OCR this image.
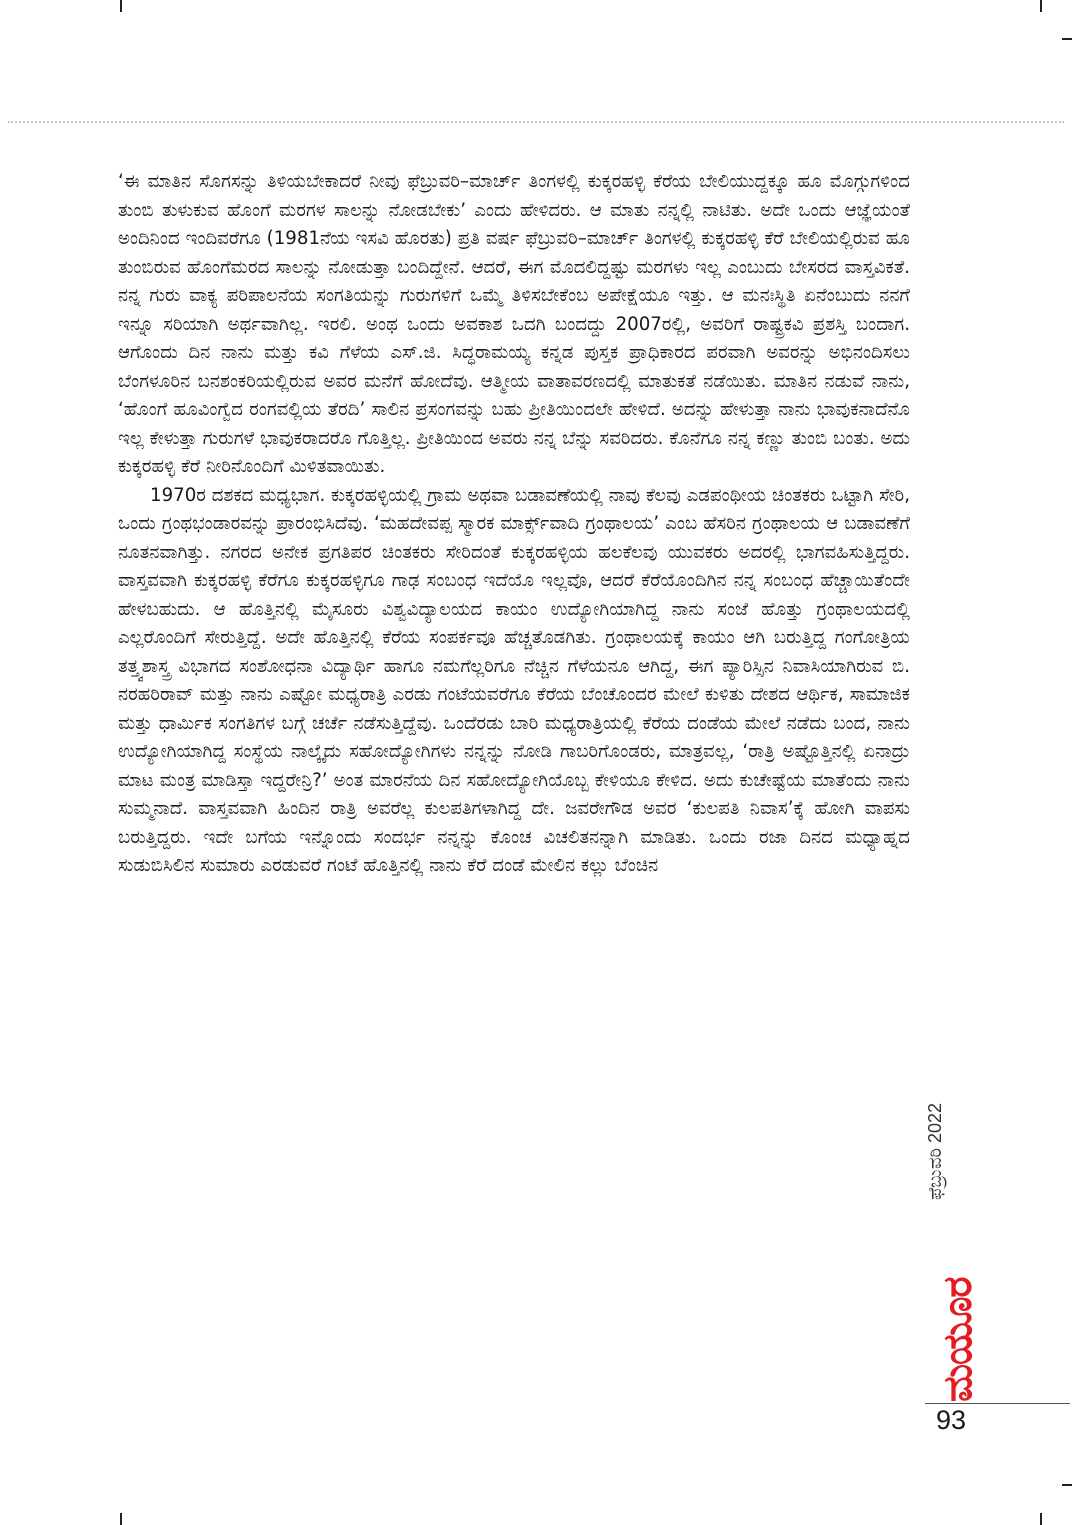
‘ಈ ಮಾತಿನ ಸೊಗಸನ್ನು ತಿಳಿಯಬೇಕಾದರೆ ನೀವು ಫೆಬ್ರುವರಿ–ಮಾರ್ಚ್ ತಿಂಗಳಲ್ಲಿ ಕುಕ್ಕರಹಳ್ಳಿ ಕೆರೆಯ ಬೇಲಿಯುದ್ದಕ್ಕೂ ಹೂ ಮೊಗ್ಗುಗಳಿಂದ ತುಂಬಿ ತುಳುಕುವ ಹೊಂಗೆ ಮರಗಳ ಸಾಲನ್ನು ನೋಡಬೇಕು’ ಎಂದು ಹೇಳಿದರು. ಆ ಮಾತು ನನ್ನಲ್ಲಿ ನಾಟಿತು. ಅದೇ ಒಂದು ಆಜ್ಞೆಯಂತೆ ಅಂದಿನಿಂದ ಇಂದಿವರೆಗೂ (1981ನೆಯ ಇಸವಿ ಹೊರತು) ಪ್ರತಿ ವರ್ಷ ಫೆಬ್ರುವರಿ–ಮಾರ್ಚ್ ತಿಂಗಳಲ್ಲಿ ಕುಕ್ಕರಹಳ್ಳಿ ಕೆರೆ ಬೇಲಿಯಲ್ಲಿರುವ ಹೂ ತುಂಬಿರುವ ಹೊಂಗೆಮರದ ಸಾಲನ್ನು ನೋಡುತ್ತಾ ಬಂದಿದ್ದೇನೆ. ಆದರೆ, ಈಗ ಮೊದಲಿದ್ದಷ್ಟು ಮರಗಳು ಇಲ್ಲ ಎಂಬುದು ಬೇಸರದ ವಾಸ್ತವಿಕತೆ. ನನ್ನ ಗುರು ವಾಕ್ಯ ಪರಿಪಾಲನೆಯ ಸಂಗತಿಯನ್ನು ಗುರುಗಳಿಗೆ ಒಮ್ಮೆ ತಿಳಿಸಬೇಕೆಂಬ ಅಪೇಕ್ಷೆಯೂ ಇತ್ತು. ಆ ಮನಃಸ್ಥಿತಿ ಏನೆಂಬುದು ನನಗೆ ಇನ್ನೂ ಸರಿಯಾಗಿ ಅರ್ಥವಾಗಿಲ್ಲ. ಇರಲಿ. ಅಂಥ ಒಂದು ಅವಕಾಶ ಒದಗಿ ಬಂದದ್ದು 2007ರಲ್ಲಿ, ಅವರಿಗೆ ರಾಷ್ಟ್ರಕವಿ ಪ್ರಶಸ್ತಿ ಬಂದಾಗ. ಆಗೊಂದು ದಿನ ನಾನು ಮತ್ತು ಕವಿ ಗೆಳೆಯ ಎಸ್.ಜಿ. ಸಿದ್ಧರಾಮಯ್ಯ ಕನ್ನಡ ಪುಸ್ತಕ ಪ್ರಾಧಿಕಾರದ ಪರವಾಗಿ ಅವರನ್ನು ಅಭಿನಂದಿಸಲು ಬೆಂಗಳೂರಿನ ಬನಶಂಕರಿಯಲ್ಲಿರುವ ಅವರ ಮನೆಗೆ ಹೋದೆವು. ಆತ್ಮೀಯ ವಾತಾವರಣದಲ್ಲಿ ಮಾತುಕತೆ ನಡೆಯಿತು. ಮಾತಿನ ನಡುವೆ ನಾನು, ‘ಹೊಂಗೆ ಹೂವಿಂಗ್ವೆದ ರಂಗವಲ್ಲಿಯ ತೆರದಿ’ ಸಾಲಿನ ಪ್ರಸಂಗವನ್ನು ಬಹು ಪ್ರೀತಿಯಿಂದಲೇ ಹೇಳಿದೆ. ಅದನ್ನು ಹೇಳುತ್ತಾ ನಾನು ಭಾವುಕನಾದೆನೊ ಇಲ್ಲ ಕೇಳುತ್ತಾ ಗುರುಗಳೆ ಭಾವುಕರಾದರೊ ಗೊತ್ತಿಲ್ಲ. ಪ್ರೀತಿಯಿಂದ ಅವರು ನನ್ನ ಬೆನ್ನು ಸವರಿದರು. ಕೊನೆಗೂ ನನ್ನ ಕಣ್ಣು ತುಂಬಿ ಬಂತು. ಅದು ಕುಕ್ಕರಹಳ್ಳಿ ಕೆರೆ ನೀರಿನೊಂದಿಗೆ ಮಿಳಿತವಾಯಿತು.

1970ರ ದಶಕದ ಮಧ್ಯಭಾಗ. ಕುಕ್ಕರಹಳ್ಳಿಯಲ್ಲಿ ಗ್ರಾಮ ಅಥವಾ ಬಡಾವಣೆಯಲ್ಲಿ ನಾವು ಕೆಲವು ಎಡಪಂಥೀಯ ಚಿಂತಕರು ಒಟ್ಟಾಗಿ ಸೇರಿ, ಒಂದು ಗ್ರಂಥಭಂಡಾರವನ್ನು ಪ್ರಾರಂಭಿಸಿದೆವು. ‘ಮಹದೇವಪ್ಪ ಸ್ಮಾರಕ ಮಾರ್ಕ್ಸ್‌ವಾದಿ ಗ್ರಂಥಾಲಯ’ ಎಂಬ ಹೆಸರಿನ ಗ್ರಂಥಾಲಯ ಆ ಬಡಾವಣೆಗೆ ನೂತನವಾಗಿತ್ತು. ನಗರದ ಅನೇಕ ಪ್ರಗತಿಪರ ಚಿಂತಕರು ಸೇರಿದಂತೆ ಕುಕ್ಕರಹಳ್ಳಿಯ ಹಲಕೆಲವು ಯುವಕರು ಅದರಲ್ಲಿ ಭಾಗವಹಿಸುತ್ತಿದ್ದರು. ವಾಸ್ತವವಾಗಿ ಕುಕ್ಕರಹಳ್ಳಿ ಕೆರೆಗೂ ಕುಕ್ಕರಹಳ್ಳಿಗೂ ಗಾಢ ಸಂಬಂಧ ಇದೆಯೊ ಇಲ್ಲವೊ, ಆದರೆ ಕೆರೆಯೊಂದಿಗಿನ ನನ್ನ ಸಂಬಂಧ ಹೆಚ್ಚಾಯಿತೆಂದೇ ಹೇಳಬಹುದು. ಆ ಹೊತ್ತಿನಲ್ಲಿ ಮೈಸೂರು ವಿಶ್ವವಿದ್ಯಾಲಯದ ಕಾಯಂ ಉದ್ಯೋಗಿಯಾಗಿದ್ದ ನಾನು ಸಂಜೆ ಹೊತ್ತು ಗ್ರಂಥಾಲಯದಲ್ಲಿ ಎಲ್ಲರೊಂದಿಗೆ ಸೇರುತ್ತಿದ್ದೆ. ಅದೇ ಹೊತ್ತಿನಲ್ಲಿ ಕೆರೆಯ ಸಂಪರ್ಕವೂ ಹೆಚ್ಚತೊಡಗಿತು. ಗ್ರಂಥಾಲಯಕ್ಕೆ ಕಾಯಂ ಆಗಿ ಬರುತ್ತಿದ್ದ ಗಂಗೋತ್ರಿಯ ತತ್ತ್ವಶಾಸ್ತ್ರ ವಿಭಾಗದ ಸಂಶೋಧನಾ ವಿದ್ಯಾರ್ಥಿ ಹಾಗೂ ನಮಗೆಲ್ಲರಿಗೂ ನೆಚ್ಚಿನ ಗೆಳೆಯನೂ ಆಗಿದ್ದ, ಈಗ ಪ್ಯಾರಿಸ್ಸಿನ ನಿವಾಸಿಯಾಗಿರುವ ಬಿ. ನರಹರಿರಾವ್ ಮತ್ತು ನಾನು ಎಷ್ಟೋ ಮಧ್ಯರಾತ್ರಿ ಎರಡು ಗಂಟೆಯವರೆಗೂ ಕೆರೆಯ ಬೆಂಚೊಂದರ ಮೇಲೆ ಕುಳಿತು ದೇಶದ ಆರ್ಥಿಕ, ಸಾಮಾಜಿಕ ಮತ್ತು ಧಾರ್ಮಿಕ ಸಂಗತಿಗಳ ಬಗ್ಗೆ ಚರ್ಚೆ ನಡೆಸುತ್ತಿದ್ದೆವು. ಒಂದೆರಡು ಬಾರಿ ಮಧ್ಯರಾತ್ರಿಯಲ್ಲಿ ಕೆರೆಯ ದಂಡೆಯ ಮೇಲೆ ನಡೆದು ಬಂದ, ನಾನು ಉದ್ಯೋಗಿಯಾಗಿದ್ದ ಸಂಸ್ಥೆಯ ನಾಲ್ಕೈದು ಸಹೋದ್ಯೋಗಿಗಳು ನನ್ನನ್ನು ನೋಡಿ ಗಾಬರಿಗೊಂಡರು, ಮಾತ್ರವಲ್ಲ, ‘ರಾತ್ರಿ ಅಷ್ಟೊತ್ತಿನಲ್ಲಿ ಏನಾದ್ರು ಮಾಟ ಮಂತ್ರ ಮಾಡಿಸ್ತಾ ಇದ್ದರೇನ್ರಿ?’ ಅಂತ ಮಾರನೆಯ ದಿನ ಸಹೋದ್ಯೋಗಿಯೊಬ್ಬ ಕೇಳಿಯೂ ಕೇಳಿದ. ಅದು ಕುಚೇಷ್ಟೆಯ ಮಾತೆಂದು ನಾನು ಸುಮ್ಮನಾದೆ. ವಾಸ್ತವವಾಗಿ ಹಿಂದಿನ ರಾತ್ರಿ ಅವರೆಲ್ಲ ಕುಲಪತಿಗಳಾಗಿದ್ದ ದೇ. ಜವರೇಗೌಡ ಅವರ ‘ಕುಲಪತಿ ನಿವಾಸ’ಕ್ಕೆ ಹೋಗಿ ವಾಪಸು ಬರುತ್ತಿದ್ದರು. ಇದೇ ಬಗೆಯ ಇನ್ನೊಂದು ಸಂದರ್ಭ ನನ್ನನ್ನು ಕೊಂಚ ವಿಚಲಿತನನ್ನಾಗಿ ಮಾಡಿತು. ಒಂದು ರಜಾ ದಿನದ ಮಧ್ಯಾಹ್ನದ ಸುಡುಬಿಸಿಲಿನ ಸುಮಾರು ಎರಡುವರೆ ಗಂಟೆ ಹೊತ್ತಿನಲ್ಲಿ ನಾನು ಕೆರೆ ದಂಡೆ ಮೇಲಿನ ಕಲ್ಲು ಬೆಂಚಿನ

ಫೆಬ್ರುವರಿ 2022
ಮಯೂರ
93
